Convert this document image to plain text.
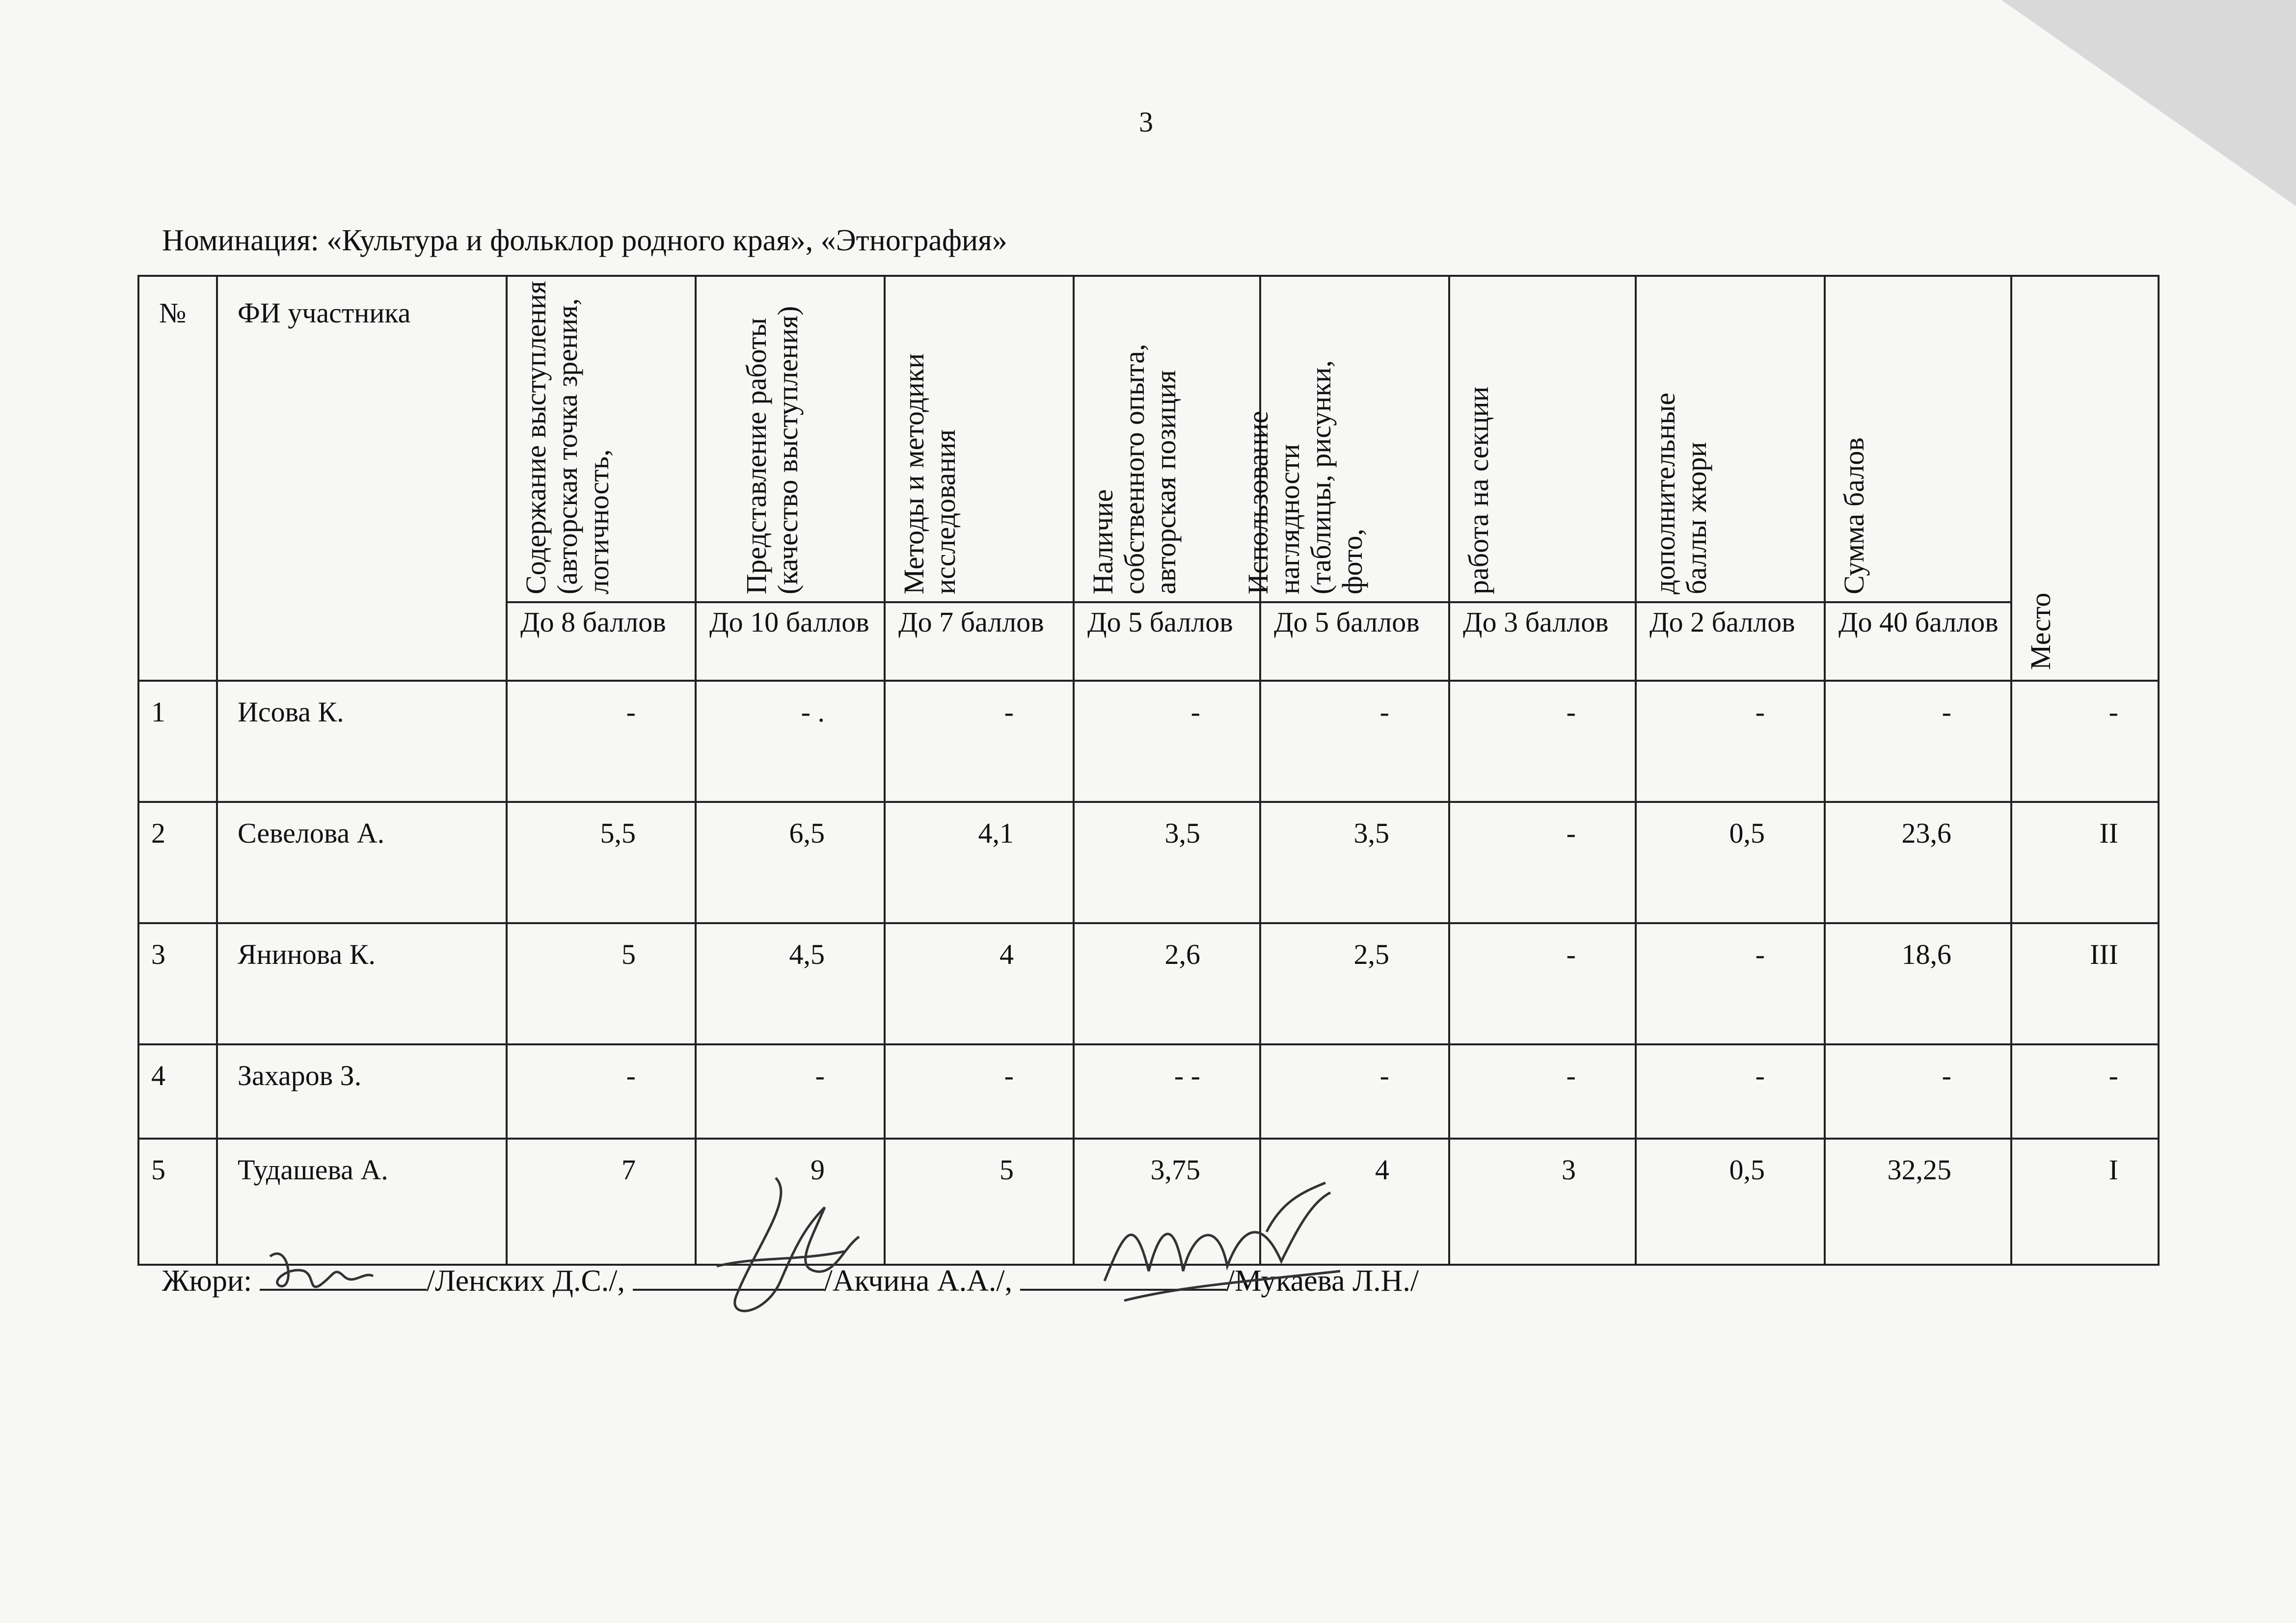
3
Номинация: «Культура и фольклор родного края», «Этнография»
№	ФИ участника	Содержание выступления (авторская точка зрения, логичность,	Представление работы (качество выступления)	Методы и методики исследования	Наличие собственного опыта, авторская позиция	Использование наглядности (таблицы, рисунки, фото,	работа на секции	дополнительные баллы жюри	Сумма балов	Место

		До 8 баллов	До 10 баллов	До 7 баллов	До 5 баллов	До 5 баллов	До 3 баллов	До 2 баллов	До 40 баллов	
1	Исова К.	-	- .	-	-	-	-	-	-	-
2	Севелова А.	5,5	6,5	4,1	3,5	3,5	-	0,5	23,6	II
3	Янинова К.	5	4,5	4	2,6	2,5	-	-	18,6	III
4	Захаров З.	-	-	-	- -	-	-	-	-	-
5	Тудашева А.	7	9	5	3,75	4	3	0,5	32,25	I
Жюри:	/Ленских Д.С./,	/Акчина А.А./,	/Мукаева Л.Н./
